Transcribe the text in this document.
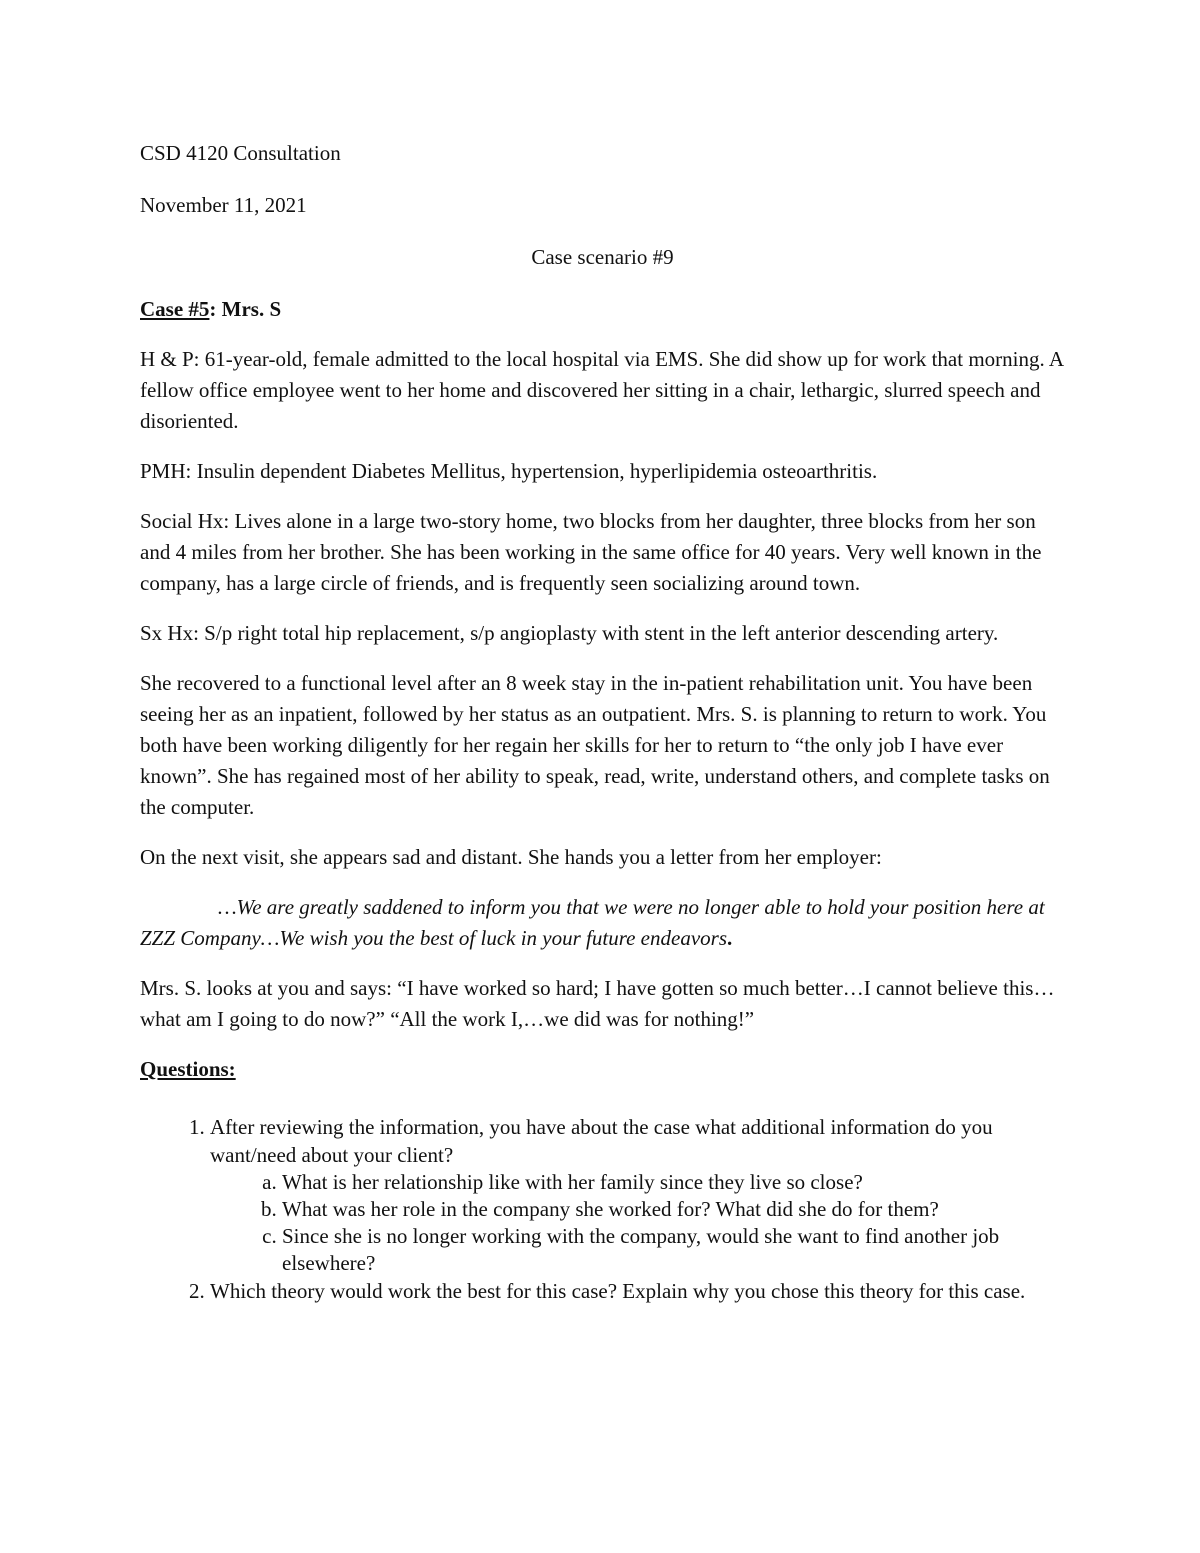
CSD 4120 Consultation

November 11, 2021

Case scenario #9

Case #5: Mrs. S

H & P: 61-year-old, female admitted to the local hospital via EMS. She did show up for work that morning. A fellow office employee went to her home and discovered her sitting in a chair, lethargic, slurred speech and disoriented.

PMH: Insulin dependent Diabetes Mellitus, hypertension, hyperlipidemia osteoarthritis.

Social Hx: Lives alone in a large two-story home, two blocks from her daughter, three blocks from her son and 4 miles from her brother. She has been working in the same office for 40 years. Very well known in the company, has a large circle of friends, and is frequently seen socializing around town.

Sx Hx: S/p right total hip replacement, s/p angioplasty with stent in the left anterior descending artery.

She recovered to a functional level after an 8 week stay in the in-patient rehabilitation unit. You have been seeing her as an inpatient, followed by her status as an outpatient. Mrs. S. is planning to return to work. You both have been working diligently for her regain her skills for her to return to “the only job I have ever known”. She has regained most of her ability to speak, read, write, understand others, and complete tasks on the computer.

On the next visit, she appears sad and distant. She hands you a letter from her employer:

…We are greatly saddened to inform you that we were no longer able to hold your position here at ZZZ Company…We wish you the best of luck in your future endeavors.

Mrs. S. looks at you and says: “I have worked so hard; I have gotten so much better…I cannot believe this…what am I going to do now?” “All the work I,…we did was for nothing!”

Questions:

1. After reviewing the information, you have about the case what additional information do you want/need about your client?
a. What is her relationship like with her family since they live so close?
b. What was her role in the company she worked for? What did she do for them?
c. Since she is no longer working with the company, would she want to find another job elsewhere?
2. Which theory would work the best for this case? Explain why you chose this theory for this case.
